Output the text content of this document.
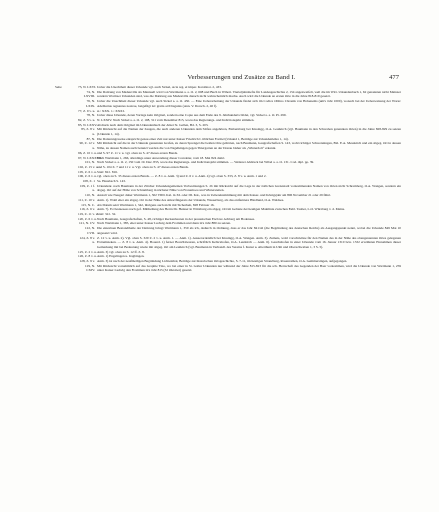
Verbesserungen und Zusätze zu Band I.	477
Seite	73, N. LXVI. Ueber die Unechtheit dieser Urkunde vgl. auch Sickel, Acta reg. et imper. Karolinor. 2, 433.
74, N. LXVIII.
Die Datirung von Madeuvilla als Mannsell wird von Wartmann a. a. O. 2, 608 und Buch in Wiberi. Vierteljahrshefte für Landesgeschichte 2, 154 angezweifelt, weil die im Wirt. Urkundenbuch 1, 62 genannten nicht Mainzer sondern Wormser Urkunden sind, was die Datirung aus Madeuvilla danach nicht wahrscheinlich mache. Auch wird die Urkunde an ersten Orte in die Jahre 818-819 gesetzt.
76, N. LXIX.
Ueber die Unechtheit dieser Urkunde vgl. auch Sickel a. a. O. 430. — Eine Ueberarbeitung der Urkunde findet sich im Codice Oblino Chronik von Hohenems (um's Jahr 1000), wonach bei der Ueberweisung der Worte: Adelhartus regnantes nostrae, beigefügt ist: gratia ad Dragunis (Ann. V. Dorsch. 2, 40 f).
77, Z. 9 v. u. st.: XXX. 1.: XXXI.
78, N. Ueber diese Urkunde, deren Vorlage kein Original, sondern eine Copie aus dem Ende des 9. Jahrhunderts bildet, vgl. Sickel a. a. O. Pt. 299.
82, Z. 5 v. u. N. LXXIV. Nach Sickel a. a. O. 2, 108, 311 vom Dezember 815, wozu das Regierungs- und Indictionsjahr stimmen.
85, N. LXXV. Abdruck nach dem Original im Urkundenbuch der Abtei St. Gallen, Bd. 3, S. 203.
85, Z. 8 v. u.
Mit Rücksicht auf die Namen der Zeugen, die auch anderen Urkunden dem Stiftes angehören, Einbernburg bei Kissingg, O.A. Leutkirch (vgl. Baumann in den Schwaben genannten Orten) in die Jahre 828-829 zu setzen (Urkunde 1, 14).
87, N. Die Datierungsweise entspricht genau einer Zeit nur unter Kaiser Friedrich I. üblichen Formel (Urkund 1, Beiträge zur Urkundenlehre 1, 14).
90, Z. 12 v. u.
Mit Rücksicht auf die in der Urkunde genannten Grafen, zu deren Sprengel die beiden Orte gehörten, nach Baumann, Gaugrafschaften S. 143, wohl richtiger Schwenningen, Bzl. E.A. Messkirch und ein abgeg. Ort in dessen Nähe, zu dessen Namen auch benutzt werden die von Nagelkingen gegen Thiergarten an der Donau bisher als „Winterdoli“ erkannt.
96, Z. 10 v. u. und S. 97 Z. 11 v. u. vgl. oben zu S. 47 dieses ersten Bands.
97, N. LXXXVII.
Nach Wartmann 1, 266, allerdings unter Anwendung dieser Correktur, vom 18. Mai 824 datirt.
101, N. Nach Sickel a. a. O. 2, 150 vom 19. Dez. 833, wozu das Regierungs- und Indictionsjahr stimmen. — Weiterer Abdruck bei Wibel a. a. O. 131. Cod. dipl. pp. 39.
102, Z. 15 v. u.
und S. 104 Z. 7 und 11 v. u. Vgl. oben zu S. 47 dieses ersten Bands.
105, Z. 6 v. u. Statt: 84 l. 816.
106, Z. 6 v. u. vgl. oben zu S. 33 dieses ersten Bands. — Z. 8 v. u. Anm. 3) und Z. 6 v. u. Anm. 4) vgl. oben S. 333, Z. 8 v. u. Anm. 1 und 2.
108, Z. 1 Sa. Hausbach S. 143.
109, Z. 1 f. u.
Urkundenr. nach Baumann in der Zürcher Urkundengemeinen Vorbesitzungen S. 2b mit Rücksicht auf die Lage in der östlichen Grenzstadt vorkommenden Namen von Orten nicht Schramberg, O.A. Wangen, sondern ein abgeg. Ort auf der Höhe von Schramberg in nächster Nähe von Fronemoos und Winterstetten.
110, N. Anstalt wie Neugart daher Wartmann 1, 302 VIIII. Kal. in XI. oder III. Kal., was in Uebereinstimmung mit dem Kaiser- und Königsjahr am 806 November 21 oder 29 führt.
111, Z. 10 v. Anm. 1). Wohl eher ein abgeg. Ort in der Nähe des Amortfingerets der Urkunde, Wasserburg, als das entferntere Hindlund, O.A. Waldsee.
115, N. C. Als Datum setzt Wartmann 1, 342, übrigens auch nicht mit Sicherheit, 828 Februar 16.
116, Z. 6 v. Anm. 7). Ecclesiaesees nach gef. Mittheilung des Herrn Dr. Henner in Würzburg ein abgeg. Ort im Gebiete der heutigen Mainlinie zwischen Eubl. Tauber, L.O. Würzburg v. d. Mains.
119, Z. 11 v. u.
Statt: 34 l. 32.
120, Z. 6 v. u. Nach Baumann, Gaugrafschaften, S. 48, richtiger Reckenbeuren in der preussischen Enclave Achberg am Bodensee.
121, N. CV. Nach Wartmann 1, 385, eher unter Kaiser Ludwig dem Frommen und dann in's Jahr 880 zu setzen.
122, N. CVII.
Die einzelnen Bestandtheile der Datirung bringt Wartmann 1, 350 als ich, dadurch in Ordnung, dass er das Jahr 841/42 (die Begründung des deutschen Reichs) als Ausgangspunkt nennt, wobei die Urkunde 849 Mai 10 angesetzt wird.
124, Z. 8 v. u.
Z. 12 v. u. Anm. 2). Vgl. oben S. 320 Z. 2 v. u. Anm. 1. — Anm. 1). Ausserordentlich bei Kissingg, O.A. Wangen. Anm. 3). Zumeis, wohl vorschriebne für den Namen des in der Nähe des obengenannten Ortes gelegenen Extremsteken. — Z. 8 v. u. Anm. 4). Bouard. 1) ferner Bouvilsbeuren, schriftlich Kebicshofen, O.A. Leutkirch — Anm. 6). Gauchshofen in einer Urkunde vom 16. Januar 1310 bzw. 1332 erwähnten Einnahmen dieser Gemarkung mit bei Bedeutung wiede mit abgeg. Ort am Leutkirch (vgl. Baumann in Verhandl. des Vereins f. Kunst u. Alterthum in Ulm und Oberschwaben 1, 3 S. 5).
125, Z. 2 v. u. Anm. 3) vgl. oben zu S. 12 ff. Z. 8.
126, Z. 8 v. u. Anm. 1) Engelingen u. Iragbingen.
128, Z. 9 v. Anm. 3) ist nach der neuftheiligen Begründung Lichtenthal, Beiträge zur historischen Ortsgeschichte, S. 7-11, im heutigen Stranzburg, Rosenrathen, O.A. Gemmersingen, aufgegangen.
129, N. CXIV.
Mit Rücksicht vornehmlich auf das Graphie Tino, wo bei einer in St. Galler Urkunden nur während der Jahre 815-823 für die sch. Herrschaft des Gegenden der Baar vorkommen, wird die Urkunde von Wartmann 1, 259 unter Kaiser Ludwig den Frommen in's Jahr 815 (32 Oktober) gesetzt.
